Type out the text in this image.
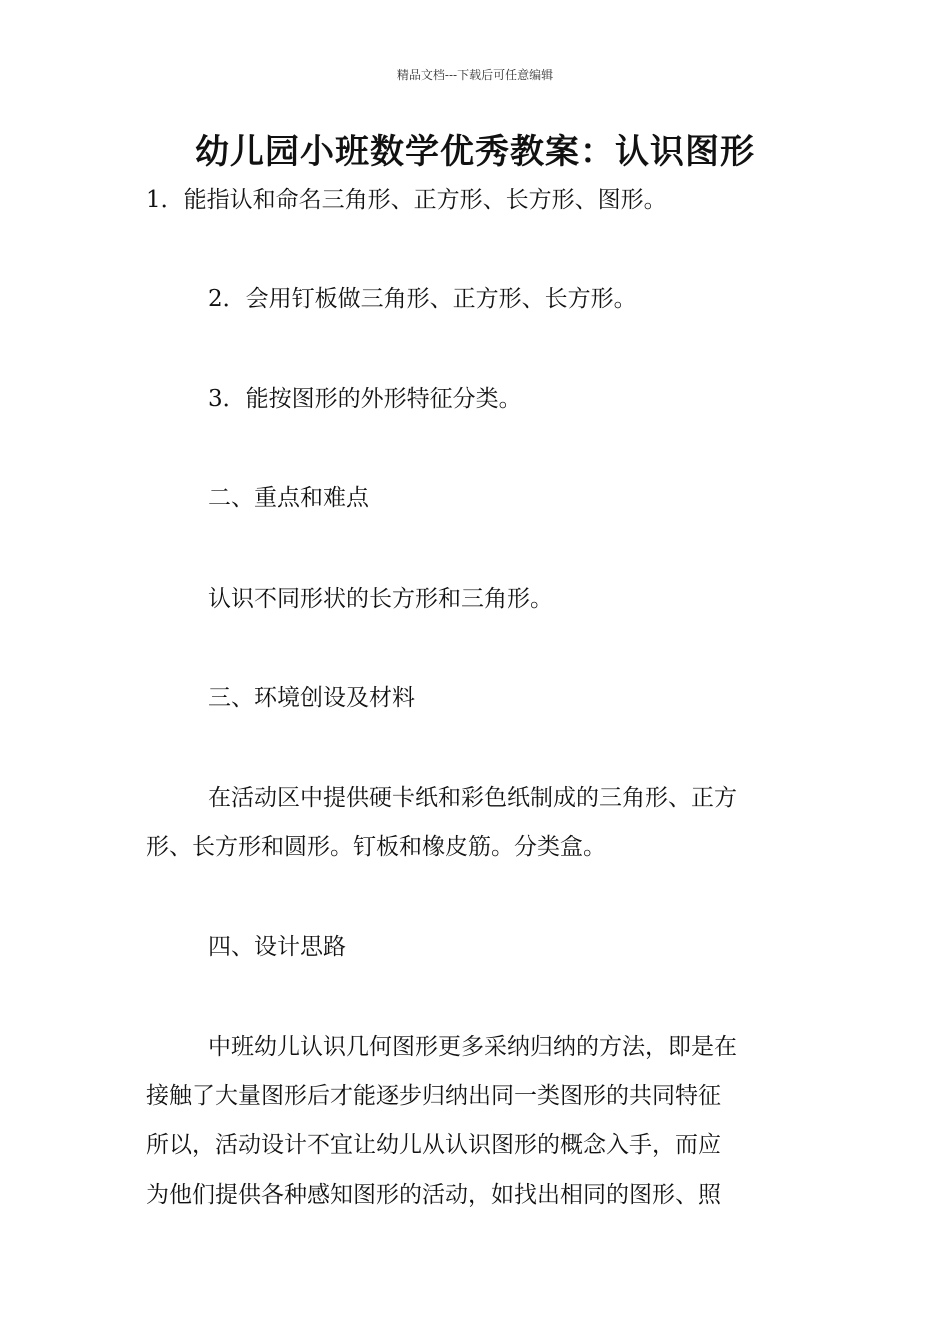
精品文档---下载后可任意编辑
幼儿园小班数学优秀教案：认识图形

1．能指认和命名三角形、正方形、长方形、图形。

2．会用钉板做三角形、正方形、长方形。

3．能按图形的外形特征分类。

二、重点和难点

认识不同形状的长方形和三角形。

三、环境创设及材料

在活动区中提供硬卡纸和彩色纸制成的三角形、正方

形、长方形和圆形。钉板和橡皮筋。分类盒。

四、设计思路

中班幼儿认识几何图形更多采纳归纳的方法，即是在

接触了大量图形后才能逐步归纳出同一类图形的共同特征

所以，活动设计不宜让幼儿从认识图形的概念入手，而应

为他们提供各种感知图形的活动，如找出相同的图形、照
